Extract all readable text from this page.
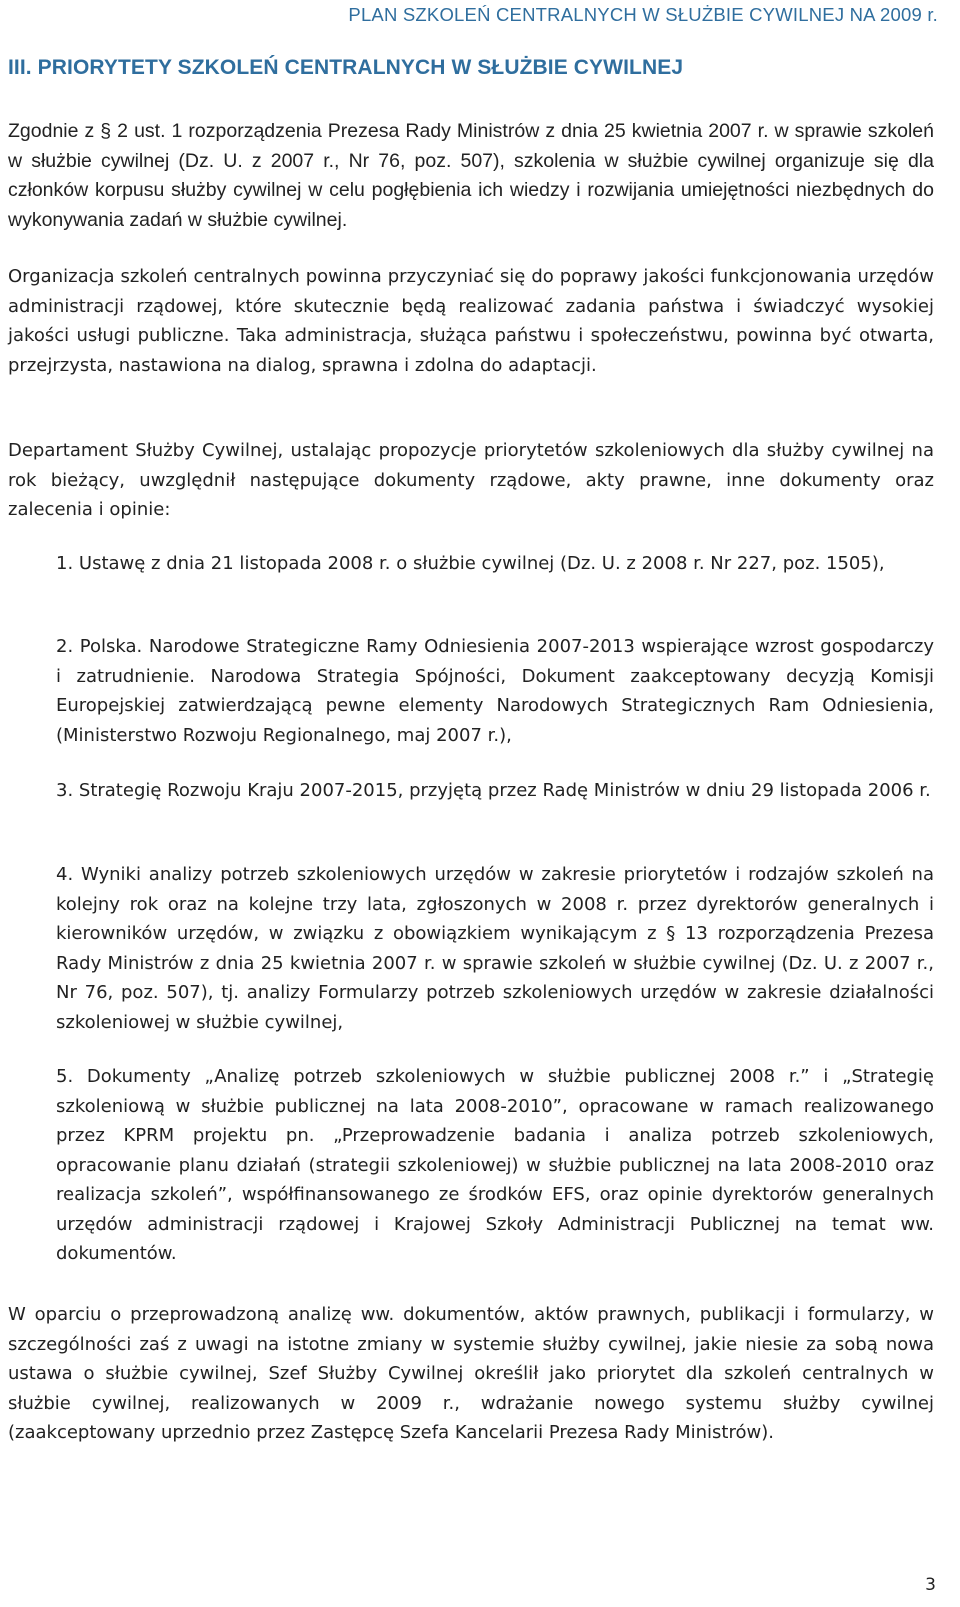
PLAN SZKOLEŃ CENTRALNYCH W SŁUŻBIE CYWILNEJ NA 2009 r.
III. PRIORYTETY SZKOLEŃ CENTRALNYCH W SŁUŻBIE CYWILNEJ

Zgodnie z § 2 ust. 1 rozporządzenia Prezesa Rady Ministrów z dnia 25 kwietnia 2007 r. w sprawie szkoleń w służbie cywilnej (Dz. U. z 2007 r., Nr 76, poz. 507), szkolenia w służbie cywilnej organizuje się dla członków korpusu służby cywilnej w celu pogłębienia ich wiedzy i rozwijania umiejętności niezbędnych do wykonywania zadań w służbie cywilnej.

Organizacja szkoleń centralnych powinna przyczyniać się do poprawy jakości funkcjonowania urzędów administracji rządowej, które skutecznie będą realizować zadania państwa i świadczyć wysokiej jakości usługi publiczne. Taka administracja, służąca państwu i społeczeństwu, powinna być otwarta, przejrzysta, nastawiona na dialog, sprawna i zdolna do adaptacji.

Departament Służby Cywilnej, ustalając propozycje priorytetów szkoleniowych dla służby cywilnej na rok bieżący, uwzględnił następujące dokumenty rządowe, akty prawne, inne dokumenty oraz zalecenia i opinie:

1. Ustawę z dnia 21 listopada 2008 r. o służbie cywilnej (Dz. U. z 2008 r. Nr 227, poz. 1505),

2. Polska. Narodowe Strategiczne Ramy Odniesienia 2007-2013 wspierające wzrost gospodarczy i zatrudnienie. Narodowa Strategia Spójności, Dokument zaakceptowany decyzją Komisji Europejskiej zatwierdzającą pewne elementy Narodowych Strategicznych Ram Odniesienia, (Ministerstwo Rozwoju Regionalnego, maj 2007 r.),

3. Strategię Rozwoju Kraju 2007-2015, przyjętą przez Radę Ministrów w dniu 29 listopada 2006 r.

4. Wyniki analizy potrzeb szkoleniowych urzędów w zakresie priorytetów i rodzajów szkoleń na kolejny rok oraz na kolejne trzy lata, zgłoszonych w 2008 r. przez dyrektorów generalnych i kierowników urzędów, w związku z obowiązkiem wynikającym z § 13 rozporządzenia Prezesa Rady Ministrów z dnia 25 kwietnia 2007 r. w sprawie szkoleń w służbie cywilnej (Dz. U. z 2007 r., Nr 76, poz. 507), tj. analizy Formularzy potrzeb szkoleniowych urzędów w zakresie działalności szkoleniowej w służbie cywilnej,

5. Dokumenty „Analizę potrzeb szkoleniowych w służbie publicznej 2008 r.” i „Strategię szkoleniową w służbie publicznej na lata 2008-2010”, opracowane w ramach realizowanego przez KPRM projektu pn. „Przeprowadzenie badania i analiza potrzeb szkoleniowych, opracowanie planu działań (strategii szkoleniowej) w służbie publicznej na lata 2008-2010 oraz realizacja szkoleń”, współfinansowanego ze środków EFS, oraz opinie dyrektorów generalnych urzędów administracji rządowej i Krajowej Szkoły Administracji Publicznej na temat ww. dokumentów.

W oparciu o przeprowadzoną analizę ww. dokumentów, aktów prawnych, publikacji i formularzy, w szczególności zaś z uwagi na istotne zmiany w systemie służby cywilnej, jakie niesie za sobą nowa ustawa o służbie cywilnej, Szef Służby Cywilnej określił jako priorytet dla szkoleń centralnych w służbie cywilnej, realizowanych w 2009 r., wdrażanie nowego systemu służby cywilnej (zaakceptowany uprzednio przez Zastępcę Szefa Kancelarii Prezesa Rady Ministrów).

3
